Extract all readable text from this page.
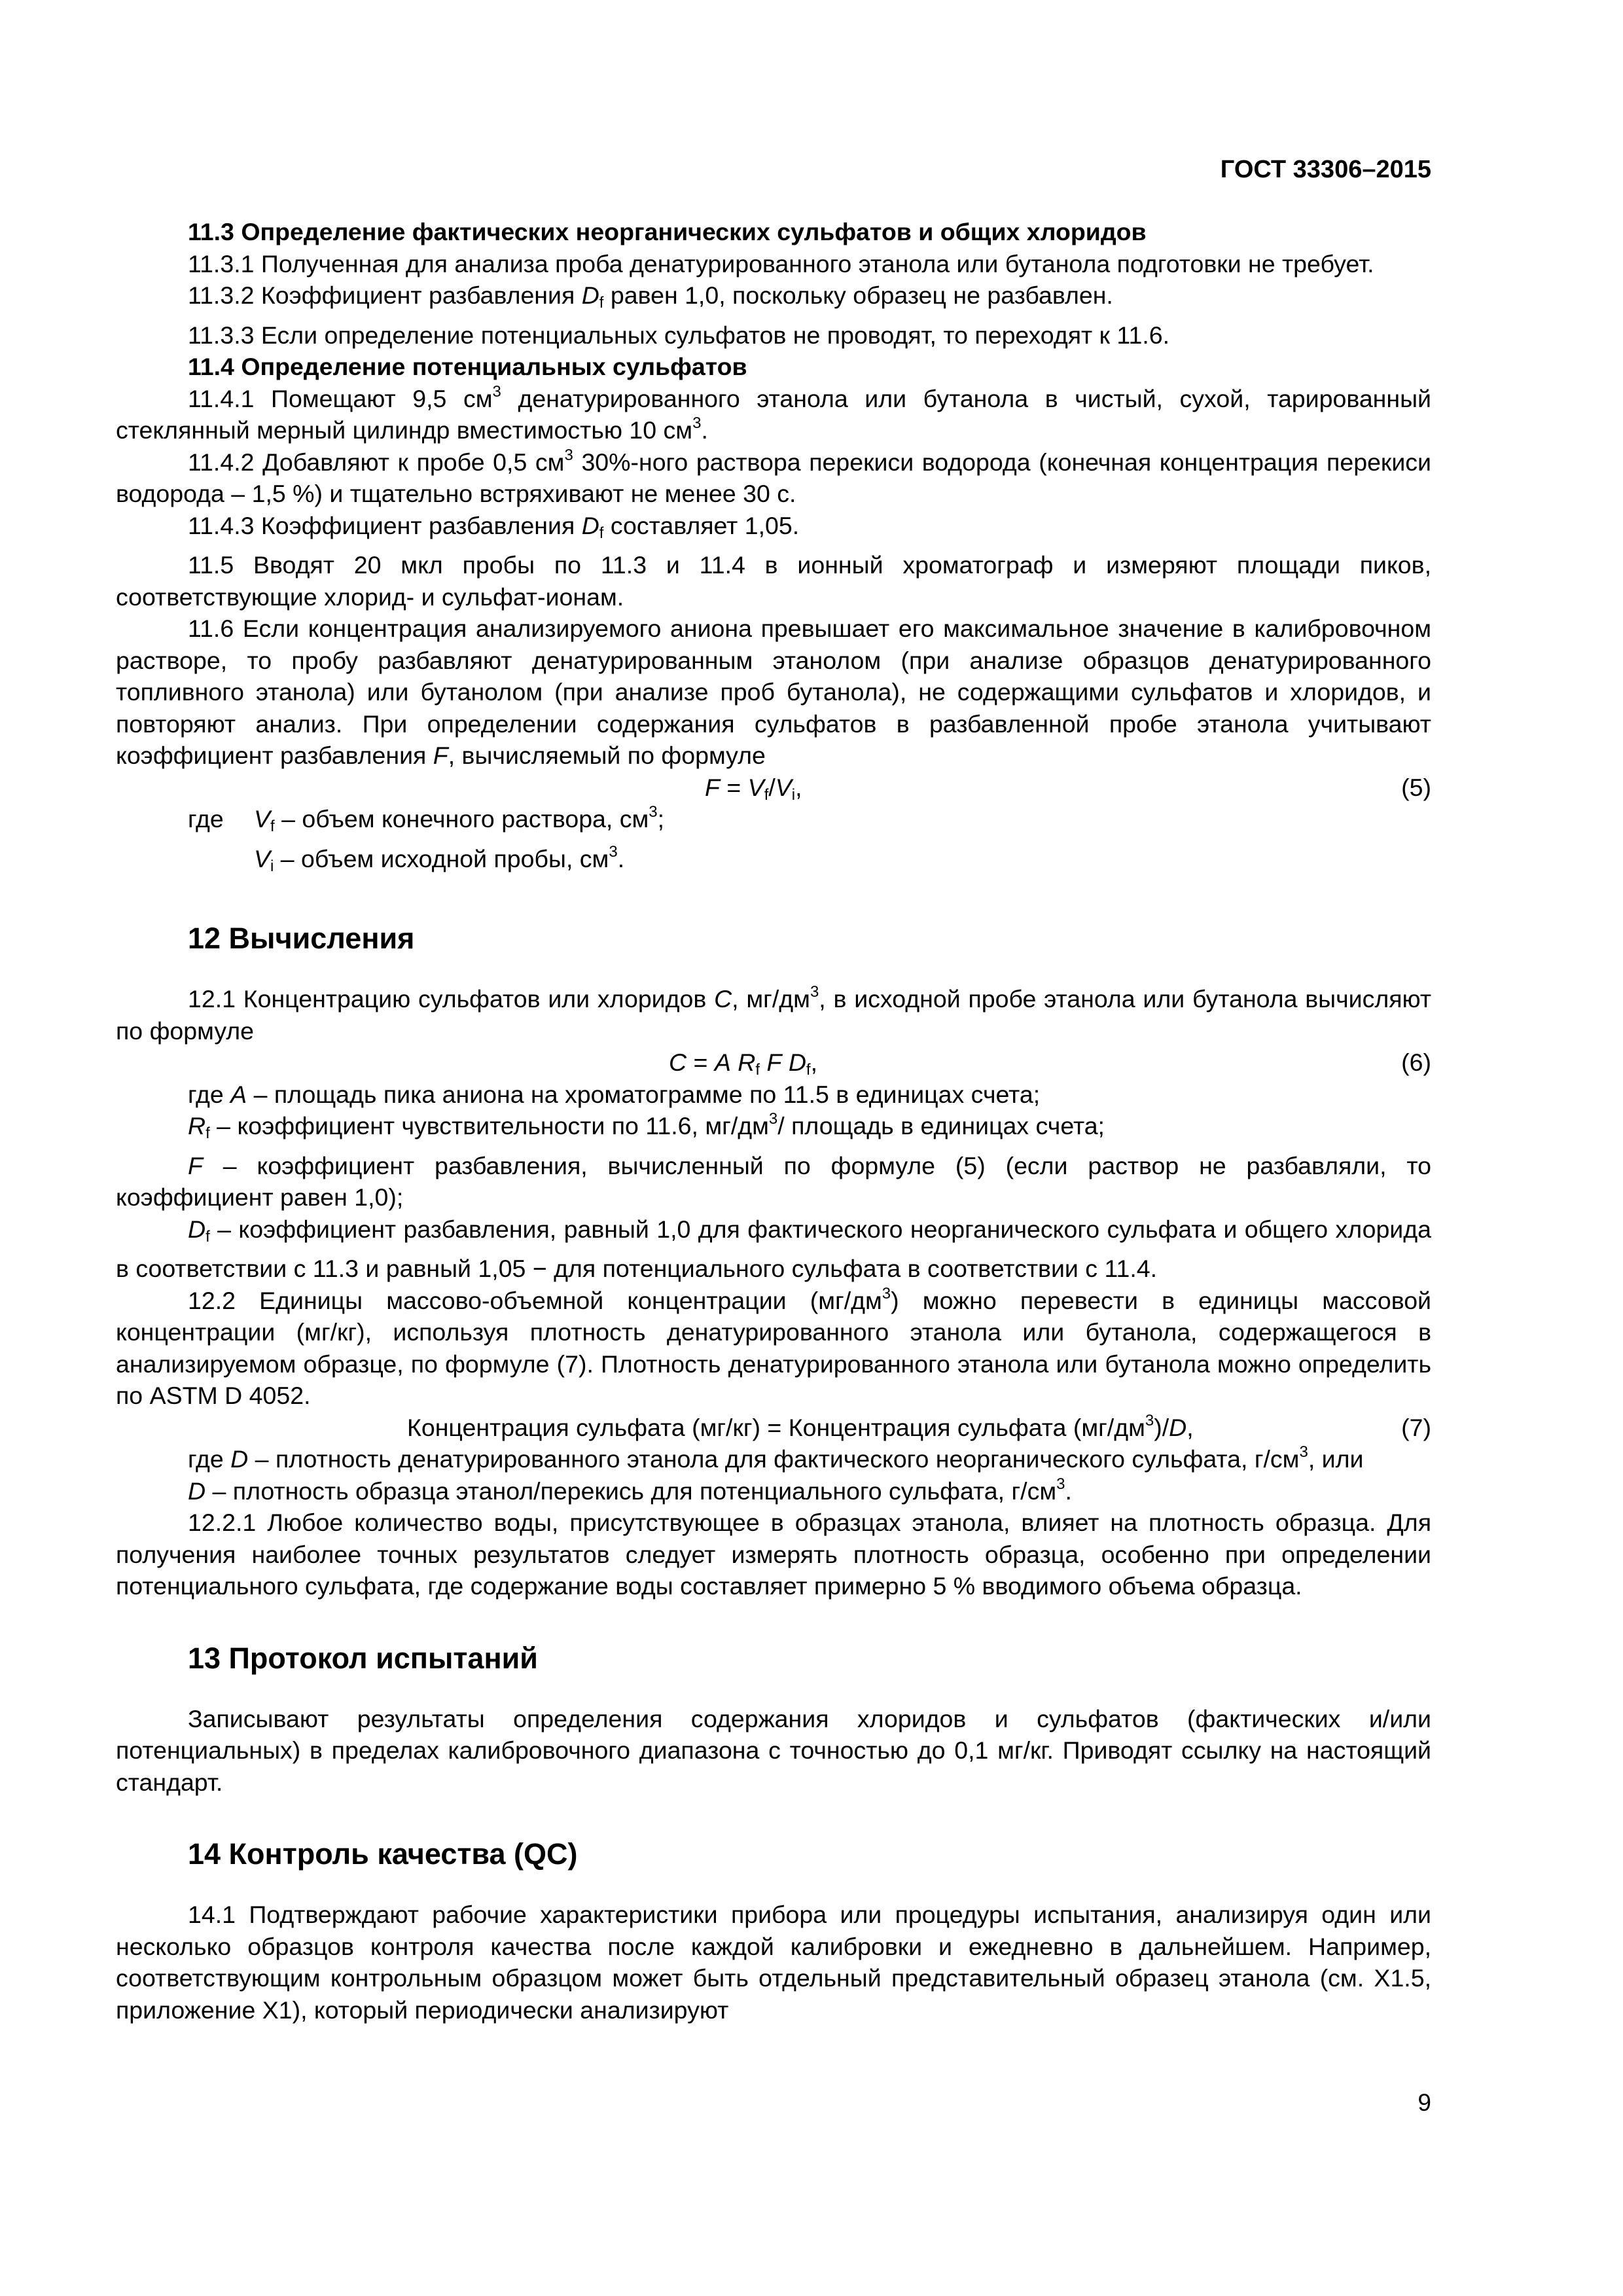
ГОСТ 33306–2015

11.3 Определение фактических неорганических сульфатов и общих хлоридов

11.3.1 Полученная для анализа проба денатурированного этанола или бутанола подготовки не требует.

11.3.2 Коэффициент разбавления $D_f$ равен 1,0, поскольку образец не разбавлен.

11.3.3 Если определение потенциальных сульфатов не проводят, то переходят к 11.6.

11.4 Определение потенциальных сульфатов

11.4.1 Помещают 9,5 $см^3$ денатурированного этанола или бутанола в чистый, сухой, тарированный стеклянный мерный цилиндр вместимостью 10 $см^3$.

11.4.2 Добавляют к пробе 0,5 $см^3$ 30%-ного раствора перекиси водорода (конечная концентрация перекиси водорода – 1,5 %) и тщательно встряхивают не менее 30 с.

11.4.3 Коэффициент разбавления $D_f$ составляет 1,05.

11.5 Вводят 20 мкл пробы по 11.3 и 11.4 в ионный хроматограф и измеряют площади пиков, соответствующие хлорид- и сульфат-ионам.

11.6 Если концентрация анализируемого аниона превышает его максимальное значение в калибровочном растворе, то пробу разбавляют денатурированным этанолом (при анализе образцов денатурированного топливного этанола) или бутанолом (при анализе проб бутанола), не содержащими сульфатов и хлоридов, и повторяют анализ. При определении содержания сульфатов в разбавленной пробе этанола учитывают коэффициент разбавления F, вычисляемый по формуле

$F = V_f/V_i$,	(5)

где $V_f$ – объем конечного раствора, $см^3$;

$V_i$ – объем исходной пробы, $см^3$.

12 Вычисления

12.1 Концентрацию сульфатов или хлоридов C, $мг/дм^3$, в исходной пробе этанола или бутанола вычисляют по формуле

C = A $R_f$ F $D_f$,	(6)

где A – площадь пика аниона на хроматограмме по 11.5 в единицах счета;

$R_f$ – коэффициент чувствительности по 11.6, $мг/дм^3/$ площадь в единицах счета;

F – коэффициент разбавления, вычисленный по формуле (5) (если раствор не разбавляли, то коэффициент равен 1,0);

$D_f$ – коэффициент разбавления, равный 1,0 для фактического неорганического сульфата и общего хлорида в соответствии с 11.3 и равный 1,05 − для потенциального сульфата в соответствии с 11.4.

12.2 Единицы массово-объемной концентрации $(мг/дм^3)$ можно перевести в единицы массовой концентрации (мг/кг), используя плотность денатурированного этанола или бутанола, содержащегося в анализируемом образце, по формуле (7). Плотность денатурированного этанола или бутанола можно определить по ASTM D 4052.

Концентрация сульфата (мг/кг) = Концентрация сульфата $(мг/дм^3)/D$,	(7)

где D – плотность денатурированного этанола для фактического неорганического сульфата, $г/см^3$, или

D – плотность образца этанол/перекись для потенциального сульфата, $г/см^3$.

12.2.1 Любое количество воды, присутствующее в образцах этанола, влияет на плотность образца. Для получения наиболее точных результатов следует измерять плотность образца, особенно при определении потенциального сульфата, где содержание воды составляет примерно 5 % вводимого объема образца.

13 Протокол испытаний

Записывают результаты определения содержания хлоридов и сульфатов (фактических и/или потенциальных) в пределах калибровочного диапазона с точностью до 0,1 мг/кг. Приводят ссылку на настоящий стандарт.

14 Контроль качества (QC)

14.1 Подтверждают рабочие характеристики прибора или процедуры испытания, анализируя один или несколько образцов контроля качества после каждой калибровки и ежедневно в дальнейшем. Например, соответствующим контрольным образцом может быть отдельный представительный образец этанола (см. X1.5, приложение X1), который периодически анализируют

9
